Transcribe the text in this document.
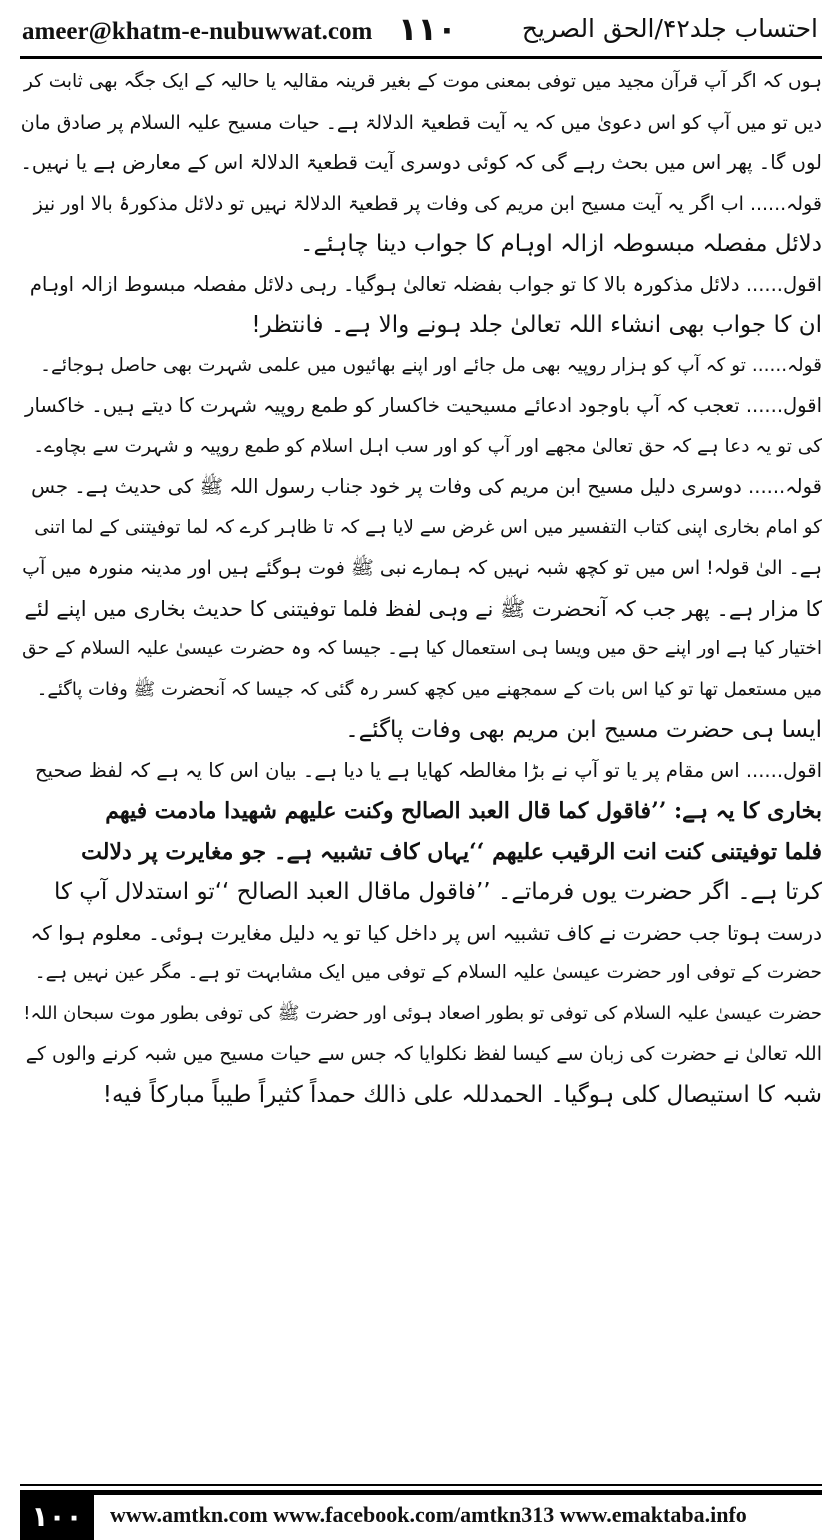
ameer@khatm-e-nubuwwat.com ۱۱۰	احتساب جلد۴۲/الحق الصریح
ہوں کہ اگر آپ قرآن مجید میں توفی بمعنی موت کے بغیر قرینہ مقالیہ یا حالیہ کے ایک جگہ بھی ثابت کر
دیں تو میں آپ کو اس دعویٰ میں کہ یہ آیت قطعیۃ الدلالۃ ہے۔ حیات مسیح علیہ السلام پر صادق مان
لوں گا۔ پھر اس میں بحث رہے گی کہ کوئی دوسری آیت قطعیۃ الدلالۃ اس کے معارض ہے یا نہیں۔
قولہ...... اب اگر یہ آیت مسیح ابن مریم کی وفات پر قطعیۃ الدلالۃ نہیں تو دلائل مذکورۂ بالا اور نیز
دلائل مفصلہ مبسوطہ ازالہ اوہام کا جواب دینا چاہئے۔
اقول...... دلائل مذکورہ بالا کا تو جواب بفضلہ تعالیٰ ہوگیا۔ رہی دلائل مفصلہ مبسوط ازالہ اوہام
ان کا جواب بھی انشاء اللہ تعالیٰ جلد ہونے والا ہے۔ فانتظر!
قولہ...... تو کہ آپ کو ہزار روپیہ بھی مل جائے اور اپنے بھائیوں میں علمی شہرت بھی حاصل ہوجائے۔
اقول...... تعجب کہ آپ باوجود ادعائے مسیحیت خاکسار کو طمع روپیہ شہرت کا دیتے ہیں۔ خاکسار
کی تو یہ دعا ہے کہ حق تعالیٰ مجھے اور آپ کو اور سب اہل اسلام کو طمع روپیہ و شہرت سے بچاوے۔
قولہ...... دوسری دلیل مسیح ابن مریم کی وفات پر خود جناب رسول اللہ ﷺ کی حدیث ہے۔ جس
کو امام بخاری اپنی کتاب التفسیر میں اس غرض سے لایا ہے کہ تا ظاہر کرے کہ لما توفیتنی کے لما اتنی
ہے۔ الیٰ قولہ! اس میں تو کچھ شبہ نہیں کہ ہمارے نبی ﷺ فوت ہوگئے ہیں اور مدینہ منورہ میں آپ
کا مزار ہے۔ پھر جب کہ آنحضرت ﷺ نے وہی لفظ فلما توفیتنی کا حدیث بخاری میں اپنے لئے
اختیار کیا ہے اور اپنے حق میں ویسا ہی استعمال کیا ہے۔ جیسا کہ وہ حضرت عیسیٰ علیہ السلام کے حق
میں مستعمل تھا تو کیا اس بات کے سمجھنے میں کچھ کسر رہ گئی کہ جیسا کہ آنحضرت ﷺ وفات پاگئے۔
ایسا ہی حضرت مسیح ابن مریم بھی وفات پاگئے۔
اقول...... اس مقام پر یا تو آپ نے بڑا مغالطہ کھایا ہے یا دیا ہے۔ بیان اس کا یہ ہے کہ لفظ صحیح
بخاری کا یہ ہے: ’’فاقول کما قال العبد الصالح وکنت علیهم شهیدا مادمت فیهم
فلما توفیتنی کنت انت الرقیب علیهم ‘‘یہاں کاف تشبیہ ہے۔ جو مغایرت پر دلالت
کرتا ہے۔ اگر حضرت یوں فرماتے۔ ’’فاقول ماقال العبد الصالح ‘‘تو استدلال آپ کا
درست ہوتا جب حضرت نے کاف تشبیہ اس پر داخل کیا تو یہ دلیل مغایرت ہوئی۔ معلوم ہوا کہ
حضرت کے توفی اور حضرت عیسیٰ علیہ السلام کے توفی میں ایک مشابہت تو ہے۔ مگر عین نہیں ہے۔
حضرت عیسیٰ علیہ السلام کی توفی تو بطور اصعاد ہوئی اور حضرت ﷺ کی توفی بطور موت سبحان اللہ!
اللہ تعالیٰ نے حضرت کی زبان سے کیسا لفظ نکلوایا کہ جس سے حیات مسیح میں شبہ کرنے والوں کے
شبہ کا استیصال کلی ہوگیا۔ الحمدللہ علی ذالك حمداً کثیراً طیباً مبارکاً فیه!
۱۰۰	www.amtkn.com www.facebook.com/amtkn313 www.emaktaba.info
